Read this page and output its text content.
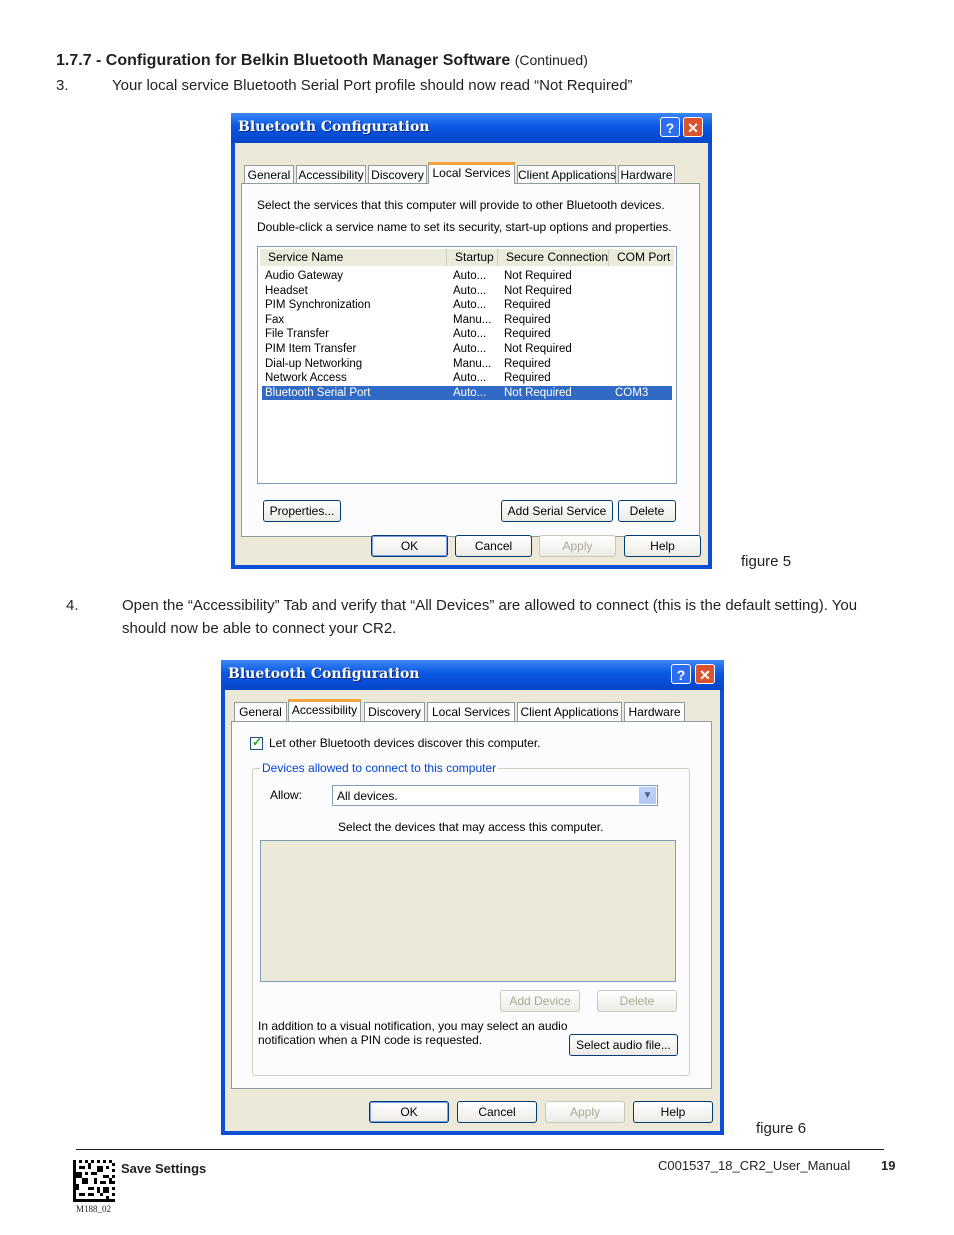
1.7.7 - Configuration for Belkin Bluetooth Manager Software (Continued)
3.	Your local service Bluetooth Serial Port profile should now read “Not Required”
Bluetooth Configuration	? ✕
General Accessibility Discovery Local Services Client Applications Hardware
Select the services that this computer will provide to other Bluetooth devices.
Double-click a service name to set its security, start-up options and properties.
Service Name	Startup	Secure Connection COM Port
Audio Gateway	Auto... Not Required
Headset	Auto... Not Required
PIM Synchronization	Auto... Required
Fax	Manu... Required
File Transfer	Auto... Required
PIM Item Transfer	Auto... Not Required
Dial-up Networking	Manu... Required
Network Access	Auto... Required
Bluetooth Serial Port	Auto... Not Required	COM3
Properties...	Add Serial Service	Delete
OK	Cancel	Apply	Help
figure 5
4.	Open the “Accessibility” Tab and verify that “All Devices” are allowed to connect (this is the default setting). You
should now be able to connect your CR2.
Bluetooth Configuration	? ✕
General Accessibility Discovery Local Services Client Applications Hardware
✓ Let other Bluetooth devices discover this computer.
Devices allowed to connect to this computer
Allow:	All devices.	▼
Select the devices that may access this computer.
Add Device	Delete
In addition to a visual notification, you may select an audio
notification when a PIN code is requested.	Select audio file...
OK	Cancel	Apply	Help
figure 6
M188_02
Save Settings	C001537_18_CR2_User_Manual 19
